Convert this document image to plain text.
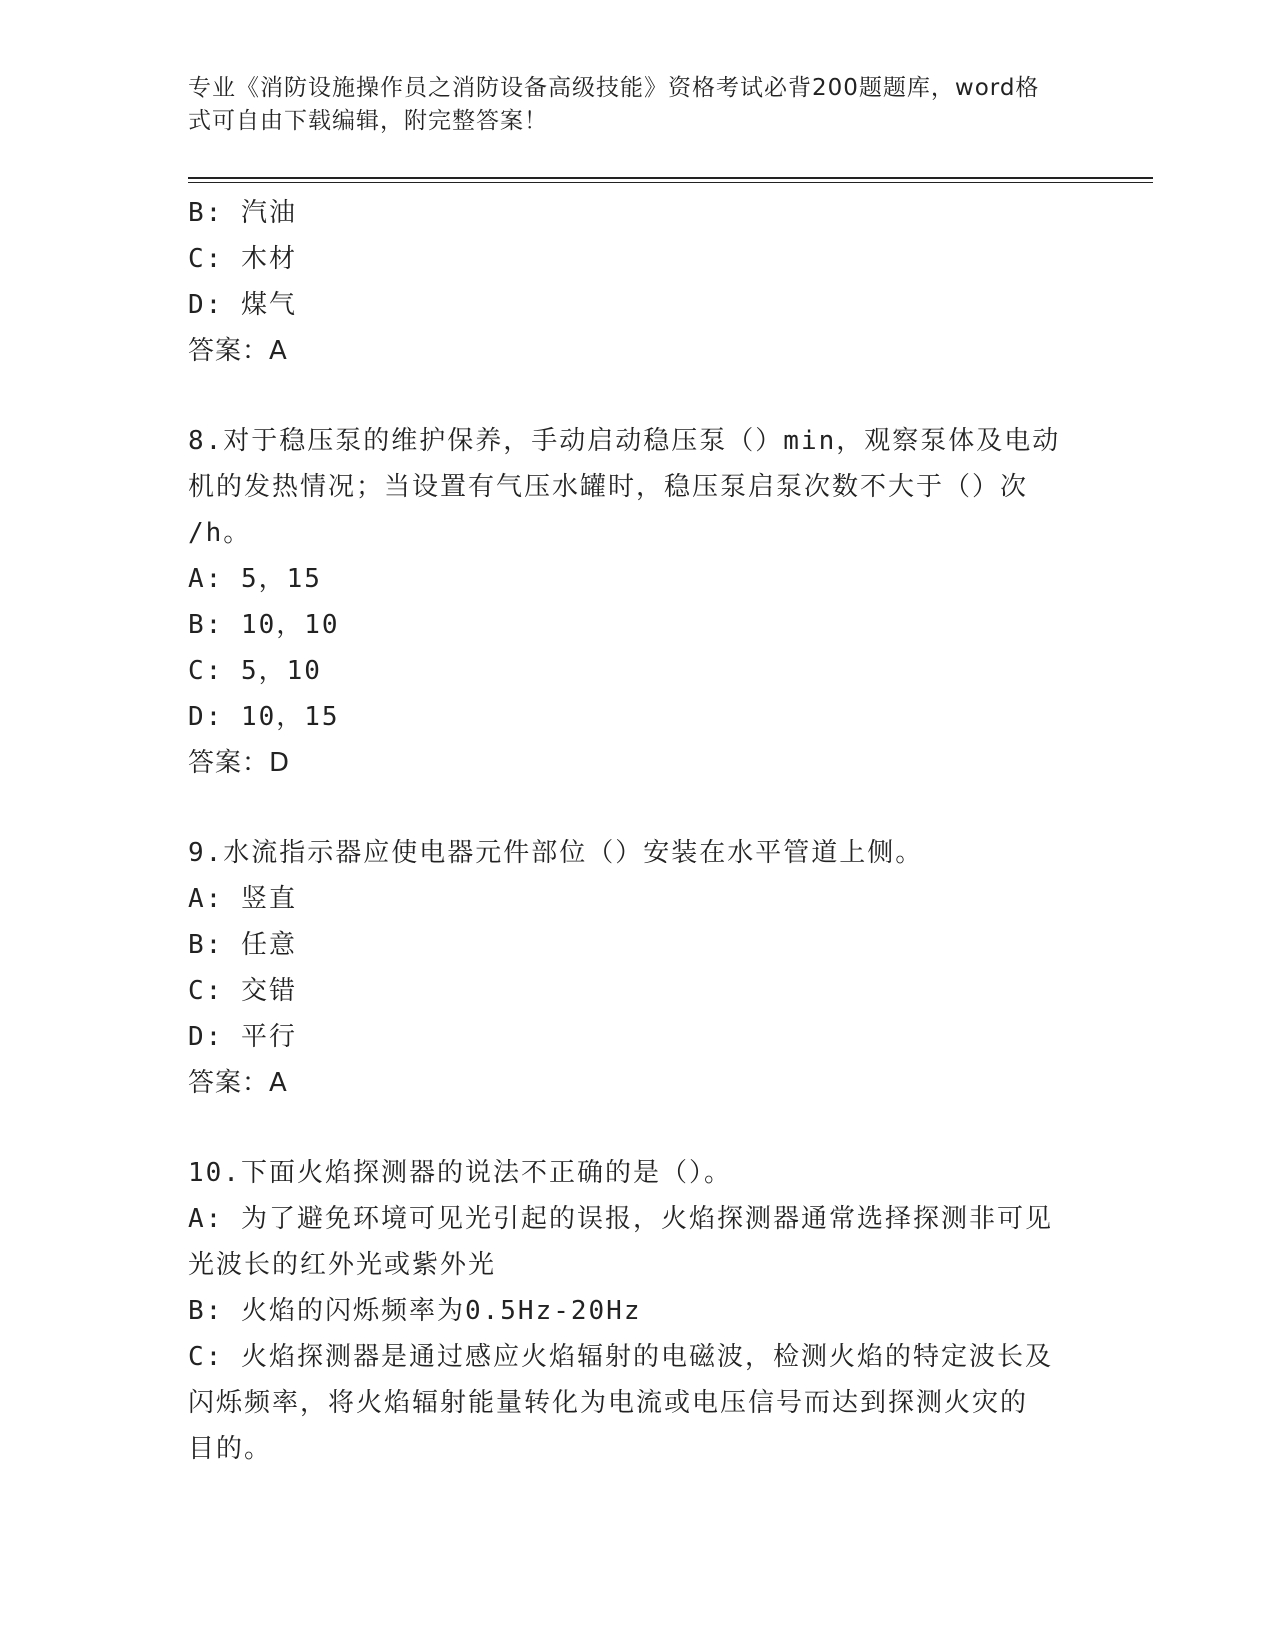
专业《消防设施操作员之消防设备高级技能》资格考试必背200题题库，word格
式可自由下载编辑，附完整答案！
B: 汽油
C: 木材
D: 煤气
答案：A
8.对于稳压泵的维护保养，手动启动稳压泵（）min，观察泵体及电动
机的发热情况；当设置有气压水罐时，稳压泵启泵次数不大于（）次
/h。
A: 5，15
B: 10，10
C: 5，10
D: 10，15
答案：D
9.水流指示器应使电器元件部位（）安装在水平管道上侧。
A: 竖直
B: 任意
C: 交错
D: 平行
答案：A
10.下面火焰探测器的说法不正确的是（）。
A: 为了避免环境可见光引起的误报，火焰探测器通常选择探测非可见
光波长的红外光或紫外光
B: 火焰的闪烁频率为0.5Hz-20Hz
C: 火焰探测器是通过感应火焰辐射的电磁波，检测火焰的特定波长及
闪烁频率，将火焰辐射能量转化为电流或电压信号而达到探测火灾的
目的。
